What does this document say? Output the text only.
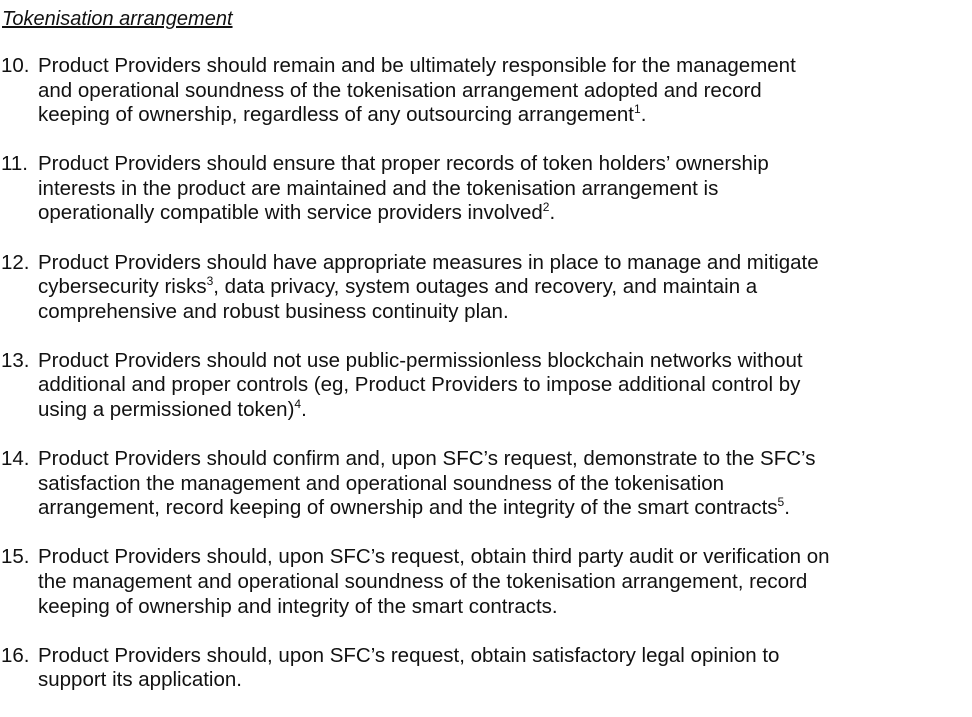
Tokenisation arrangement
10. Product Providers should remain and be ultimately responsible for the management
and operational soundness of the tokenisation arrangement adopted and record
keeping of ownership, regardless of any outsourcing arrangement$^1$.
11. Product Providers should ensure that proper records of token holders’ ownership
interests in the product are maintained and the tokenisation arrangement is
operationally compatible with service providers involved$^2$.
12. Product Providers should have appropriate measures in place to manage and mitigate
cybersecurity risks$^3$, data privacy, system outages and recovery, and maintain a
comprehensive and robust business continuity plan.
13. Product Providers should not use public-permissionless blockchain networks without
additional and proper controls (eg, Product Providers to impose additional control by
using a permissioned token)$^4$.
14. Product Providers should confirm and, upon SFC’s request, demonstrate to the SFC’s
satisfaction the management and operational soundness of the tokenisation
arrangement, record keeping of ownership and the integrity of the smart contracts$^5$.
15. Product Providers should, upon SFC’s request, obtain third party audit or verification on
the management and operational soundness of the tokenisation arrangement, record
keeping of ownership and integrity of the smart contracts.
16. Product Providers should, upon SFC’s request, obtain satisfactory legal opinion to
support its application.
